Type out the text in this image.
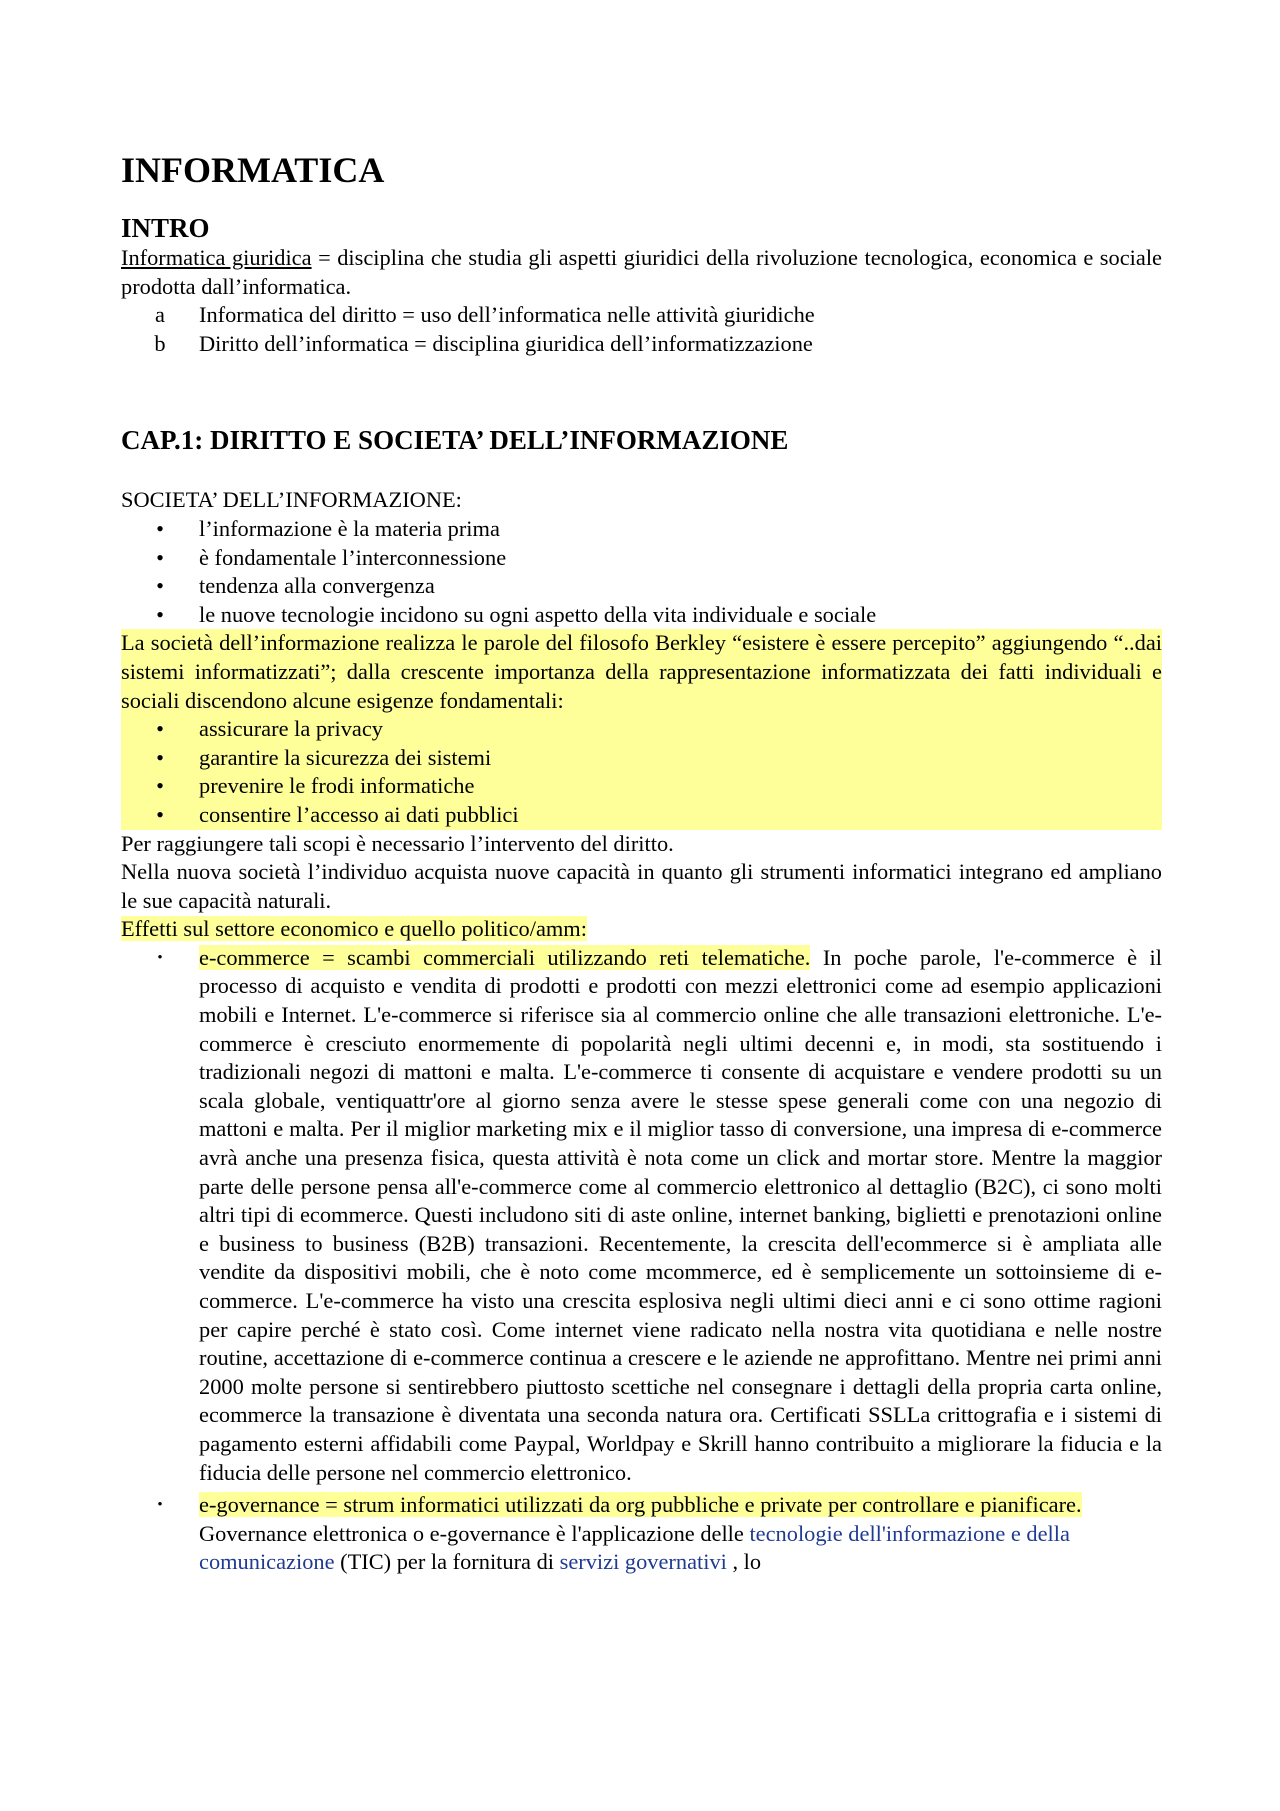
INFORMATICA
INTRO

Informatica giuridica = disciplina che studia gli aspetti giuridici della rivoluzione tecnologica, economica e sociale prodotta dall’informatica.

a	Informatica del diritto = uso dell’informatica nelle attività giuridiche
b	Diritto dell’informatica = disciplina giuridica dell’informatizzazione
CAP.1: DIRITTO E SOCIETA’ DELL’INFORMAZIONE

SOCIETA’ DELL’INFORMAZIONE:

•	l’informazione è la materia prima
•	è fondamentale l’interconnessione
•	tendenza alla convergenza
•	le nuove tecnologie incidono su ogni aspetto della vita individuale e sociale

La società dell’informazione realizza le parole del filosofo Berkley “esistere è essere percepito” aggiungendo “..dai sistemi informatizzati”; dalla crescente importanza della rappresentazione informatizzata dei fatti individuali e sociali discendono alcune esigenze fondamentali:

•	assicurare la privacy
•	garantire la sicurezza dei sistemi
•	prevenire le frodi informatiche
•	consentire l’accesso ai dati pubblici

Per raggiungere tali scopi è necessario l’intervento del diritto.

Nella nuova società l’individuo acquista nuove capacità in quanto gli strumenti informatici integrano ed ampliano le sue capacità naturali.

Effetti sul settore economico e quello politico/amm:

•	e-commerce = scambi commerciali utilizzando reti telematiche. In poche parole, l'e-commerce è il processo di acquisto e vendita di prodotti e prodotti con mezzi elettronici come ad esempio applicazioni mobili e Internet. L'e-commerce si riferisce sia al commercio online che alle transazioni elettroniche. L'e-commerce è cresciuto enormemente di popolarità negli ultimi decenni e, in modi, sta sostituendo i tradizionali negozi di mattoni e malta. L'e-commerce ti consente di acquistare e vendere prodotti su un scala globale, ventiquattr'ore al giorno senza avere le stesse spese generali come con una negozio di mattoni e malta. Per il miglior marketing mix e il miglior tasso di conversione, una impresa di e-commerce avrà anche una presenza fisica, questa attività è nota come un click and mortar store. Mentre la maggior parte delle persone pensa all'e-commerce come al commercio elettronico al dettaglio (B2C), ci sono molti altri tipi di ecommerce. Questi includono siti di aste online, internet banking, biglietti e prenotazioni online e business to business (B2B) transazioni. Recentemente, la crescita dell'ecommerce si è ampliata alle vendite da dispositivi mobili, che è noto come mcommerce, ed è semplicemente un sottoinsieme di e-commerce. L'e-commerce ha visto una crescita esplosiva negli ultimi dieci anni e ci sono ottime ragioni per capire perché è stato così. Come internet viene radicato nella nostra vita quotidiana e nelle nostre routine, accettazione di e-commerce continua a crescere e le aziende ne approfittano. Mentre nei primi anni 2000 molte persone si sentirebbero piuttosto scettiche nel consegnare i dettagli della propria carta online, ecommerce la transazione è diventata una seconda natura ora. Certificati SSLLa crittografia e i sistemi di pagamento esterni affidabili come Paypal, Worldpay e Skrill hanno contribuito a migliorare la fiducia e la fiducia delle persone nel commercio elettronico.
•	e-governance = strum informatici utilizzati da org pubbliche e private per controllare e pianificare. Governance elettronica o e-governance è l'applicazione delle tecnologie dell'informazione e della comunicazione (TIC) per la fornitura di servizi governativi , lo
